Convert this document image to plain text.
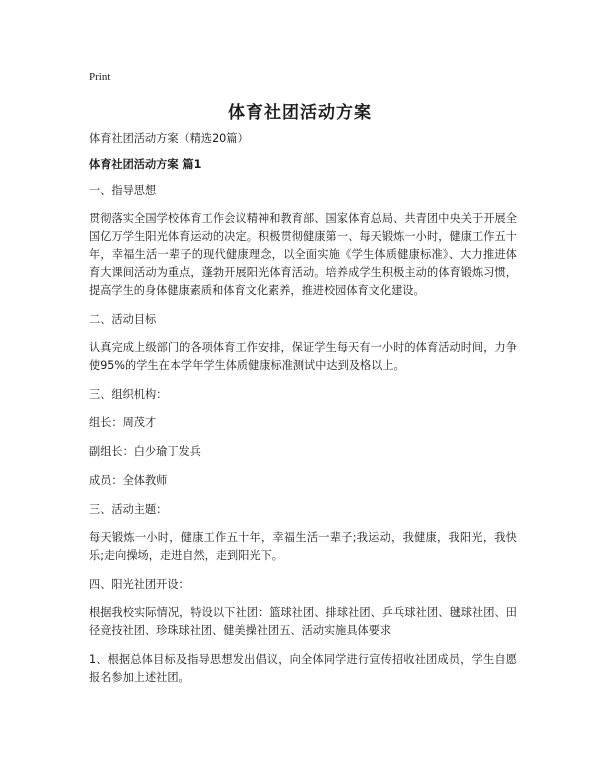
Print
体育社团活动方案

体育社团活动方案（精选20篇）

体育社团活动方案 篇1

一、指导思想

贯彻落实全国学校体育工作会议精神和教育部、国家体育总局、共青团中央关于开展全国亿万学生阳光体育运动的决定。积极贯彻健康第一、每天锻炼一小时，健康工作五十年，幸福生活一辈子的现代健康理念，以全面实施《学生体质健康标准》、大力推进体育大课间活动为重点，蓬勃开展阳光体育活动。培养成学生积极主动的体育锻炼习惯，提高学生的身体健康素质和体育文化素养，推进校园体育文化建设。

二、活动目标

认真完成上级部门的各项体育工作安排，保证学生每天有一小时的体育活动时间，力争使95%的学生在本学年学生体质健康标准测试中达到及格以上。

三、组织机构：

组长：周茂才

副组长：白少瑜丁发兵

成员：全体教师

三、活动主题：

每天锻炼一小时，健康工作五十年，幸福生活一辈子;我运动，我健康，我阳光，我快乐;走向操场，走进自然，走到阳光下。

四、阳光社团开设：

根据我校实际情况，特设以下社团：篮球社团、排球社团、乒乓球社团、毽球社团、田径竞技社团、珍珠球社团、健美操社团五、活动实施具体要求

1、根据总体目标及指导思想发出倡议，向全体同学进行宣传招收社团成员，学生自愿报名参加上述社团。
